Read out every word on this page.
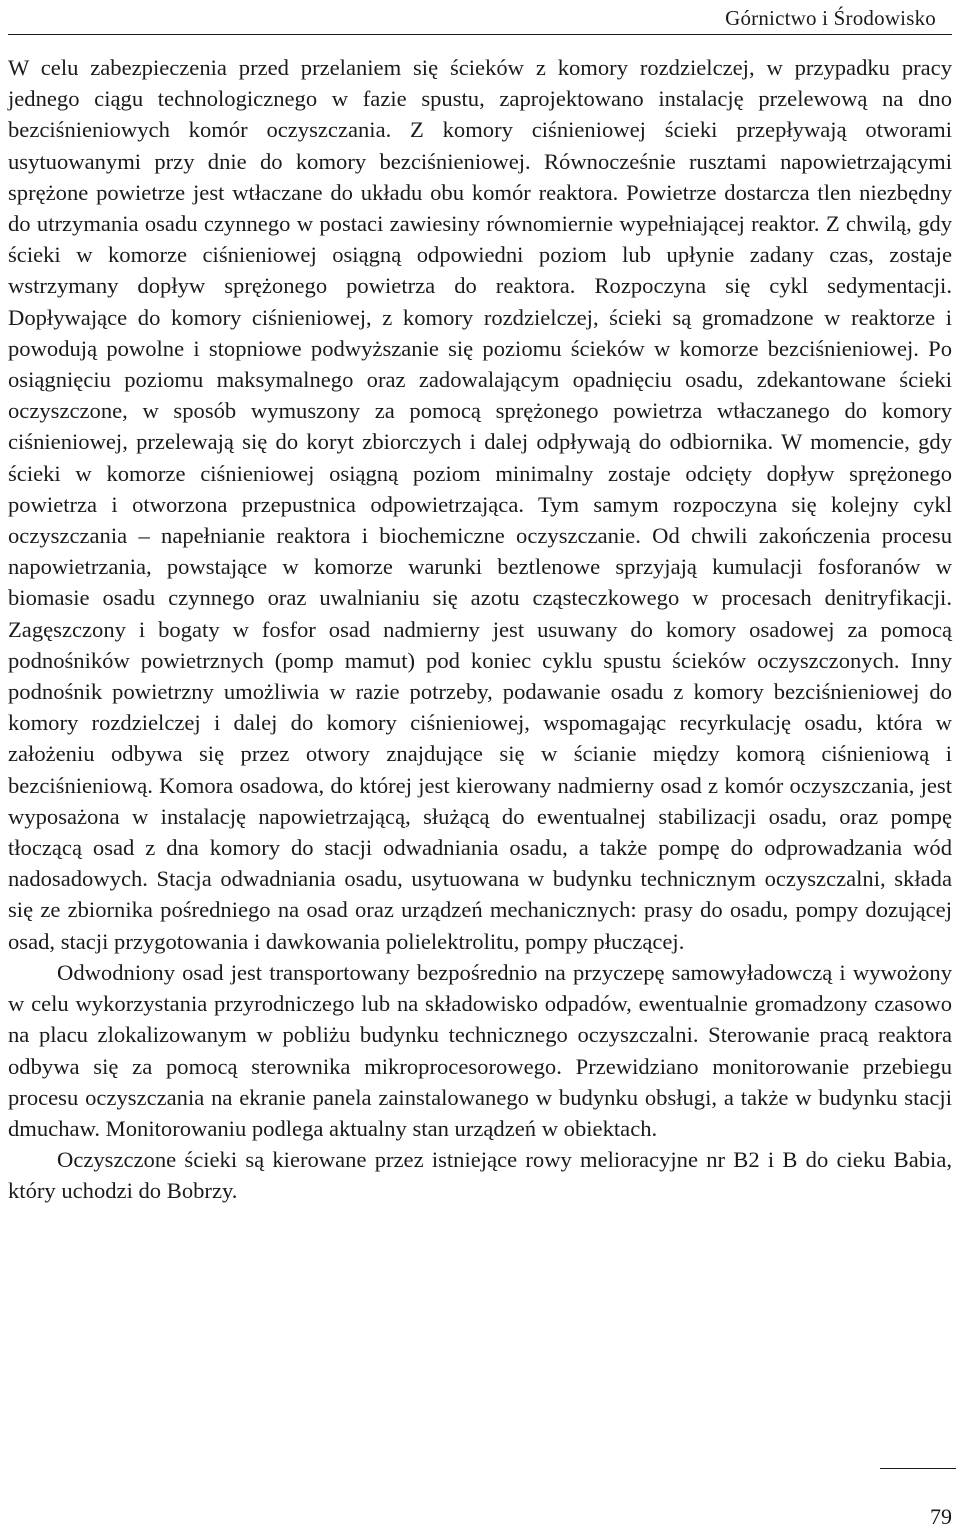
Górnictwo i Środowisko

W celu zabezpieczenia przed przelaniem się ścieków z komory rozdzielczej, w przypadku pracy jednego ciągu technologicznego w fazie spustu, zaprojektowano instalację przelewową na dno bezciśnieniowych komór oczyszczania. Z komory ciśnieniowej ścieki przepływają otworami usytuowanymi przy dnie do komory bezciśnieniowej. Równocześnie rusztami napowietrzającymi sprężone powietrze jest wtłaczane do układu obu komór reaktora. Powietrze dostarcza tlen niezbędny do utrzymania osadu czynnego w postaci zawiesiny równomiernie wypełniającej reaktor. Z chwilą, gdy ścieki w komorze ciśnieniowej osiągną odpowiedni poziom lub upłynie zadany czas, zostaje wstrzymany dopływ sprężonego powietrza do reaktora. Rozpoczyna się cykl sedymentacji. Dopływające do komory ciśnieniowej, z komory rozdzielczej, ścieki są gromadzone w reaktorze i powodują powolne i stopniowe podwyższanie się poziomu ścieków w komorze bezciśnieniowej. Po osiągnięciu poziomu maksymalnego oraz zadowalającym opadnięciu osadu, zdekantowane ścieki oczyszczone, w sposób wymuszony za pomocą sprężonego powietrza wtłaczanego do komory ciśnieniowej, przelewają się do koryt zbiorczych i dalej odpływają do odbiornika. W momencie, gdy ścieki w komorze ciśnieniowej osiągną poziom minimalny zostaje odcięty dopływ sprężonego powietrza i otworzona przepustnica odpowietrzająca. Tym samym rozpoczyna się kolejny cykl oczyszczania – napełnianie reaktora i biochemiczne oczyszczanie. Od chwili zakończenia procesu napowietrzania, powstające w komorze warunki beztlenowe sprzyjają kumulacji fosforanów w biomasie osadu czynnego oraz uwalnianiu się azotu cząsteczkowego w procesach denitryfikacji. Zagęszczony i bogaty w fosfor osad nadmierny jest usuwany do komory osadowej za pomocą podnośników powietrznych (pomp mamut) pod koniec cyklu spustu ścieków oczyszczonych. Inny podnośnik powietrzny umożliwia w razie potrzeby, podawanie osadu z komory bezciśnieniowej do komory rozdzielczej i dalej do komory ciśnieniowej, wspomagając recyrkulację osadu, która w założeniu odbywa się przez otwory znajdujące się w ścianie między komorą ciśnieniową i bezciśnieniową. Komora osadowa, do której jest kierowany nadmierny osad z komór oczyszczania, jest wyposażona w instalację napowietrzającą, służącą do ewentualnej stabilizacji osadu, oraz pompę tłoczącą osad z dna komory do stacji odwadniania osadu, a także pompę do odprowadzania wód nadosadowych. Stacja odwadniania osadu, usytuowana w budynku technicznym oczyszczalni, składa się ze zbiornika pośredniego na osad oraz urządzeń mechanicznych: prasy do osadu, pompy dozującej osad, stacji przygotowania i dawkowania polielektrolitu, pompy płuczącej.

Odwodniony osad jest transportowany bezpośrednio na przyczepę samowyładowczą i wywożony w celu wykorzystania przyrodniczego lub na składowisko odpadów, ewentualnie gromadzony czasowo na placu zlokalizowanym w pobliżu budynku technicznego oczyszczalni. Sterowanie pracą reaktora odbywa się za pomocą sterownika mikroprocesorowego. Przewidziano monitorowanie przebiegu procesu oczyszczania na ekranie panela zainstalowanego w budynku obsługi, a także w budynku stacji dmuchaw. Monitorowaniu podlega aktualny stan urządzeń w obiektach.

Oczyszczone ścieki są kierowane przez istniejące rowy melioracyjne nr B2 i B do cieku Babia, który uchodzi do Bobrzy.

79
